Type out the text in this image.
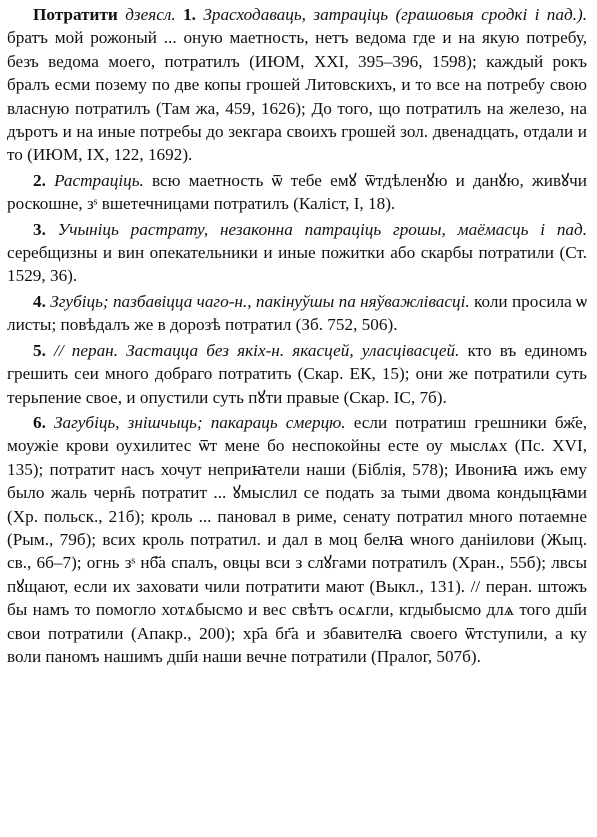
Потратити дзеясл. 1. Зрасходаваць, затраціць (грашовыя сродкі і пад.). братъ мой рожоный ... оную маетность, нетъ ведома где и на якую потребу, безъ ведома моего, потратилъ (ИЮМ, XXI, 395–396, 1598); каждый рокъ бралъ есми позему по две копы грошей Литовскихъ, и то все на потребу свою власную потратилъ (Там жа, 459, 1626); До того, що потратилъ на железо, на дъротъ и на иные потребы до зекгара своихъ грошей зол. двенадцать, отдали и то (ИЮМ, IX, 122, 1692).

2. Растрацiць. всю маетность ѿ тебе емꙋ ѿтдѣленꙋю и данꙋю, живꙋчи роскошне, зˢ вшетечницами потратилъ (Каліст, I, 18).

3. Учыніць растрату, незаконна патраціць грошы, маёмасць і пад. серебщизны и вин опекательники и иные пожитки або скарбы потратили (Ст. 1529, 36).

4. Згубіць; пазбавіцца чаго-н., пакінуўшы па няўважлівасці. коли просила ѡ листы; повѣдалъ же в дорозѣ потратил (Зб. 752, 506).

5. // перан. Застацца без якіх-н. якасцей, уласцівасцей. кто въ единомъ грешить сеи много добраго потратить (Скар. ЕК, 15); они же потратили суть терьпение свое, и опустили суть пꙋти правые (Скар. IC, 7б).

6. Загубіць, знішчыць; пакараць смерцю. если потратиш грешники бж҃е, моужіе крови оухилитес ѿт мене бо неспокойны есте оу мыслѧх (Пс. XVI, 135); потратит насъ хочут неприꙗтели наши (Біблія, 578); Ивониꙗ ижъ ему было жаль черн҄ь потратит ... ꙋмыслил се подать за тыми двома кондыцꙗми (Хр. польск., 21б); кроль ... пановал в риме, сенату потратил много потаемне (Рым., 79б); всих кроль потратил. и дал в моц белꙗ ѡного даніилови (Жыц. св., 6б–7); огнь зˢ нб҃а спалъ, овцы вси з слꙋгами потратилъ (Хран., 55б); лвсы пꙋщают, если их заховати чили потратити мают (Выкл., 131). // перан. штожъ бы намъ то помогло хотѧбысмо и вес свѣтъ осѧгли, кгдыбысмо длѧ того дш҃и свои потратили (Апакр., 200); хр҃а бг҃а и збавителꙗ своего ѿтступили, а ку воли паномъ нашимъ дш҃и наши вечне потратили (Пралог, 507б).
